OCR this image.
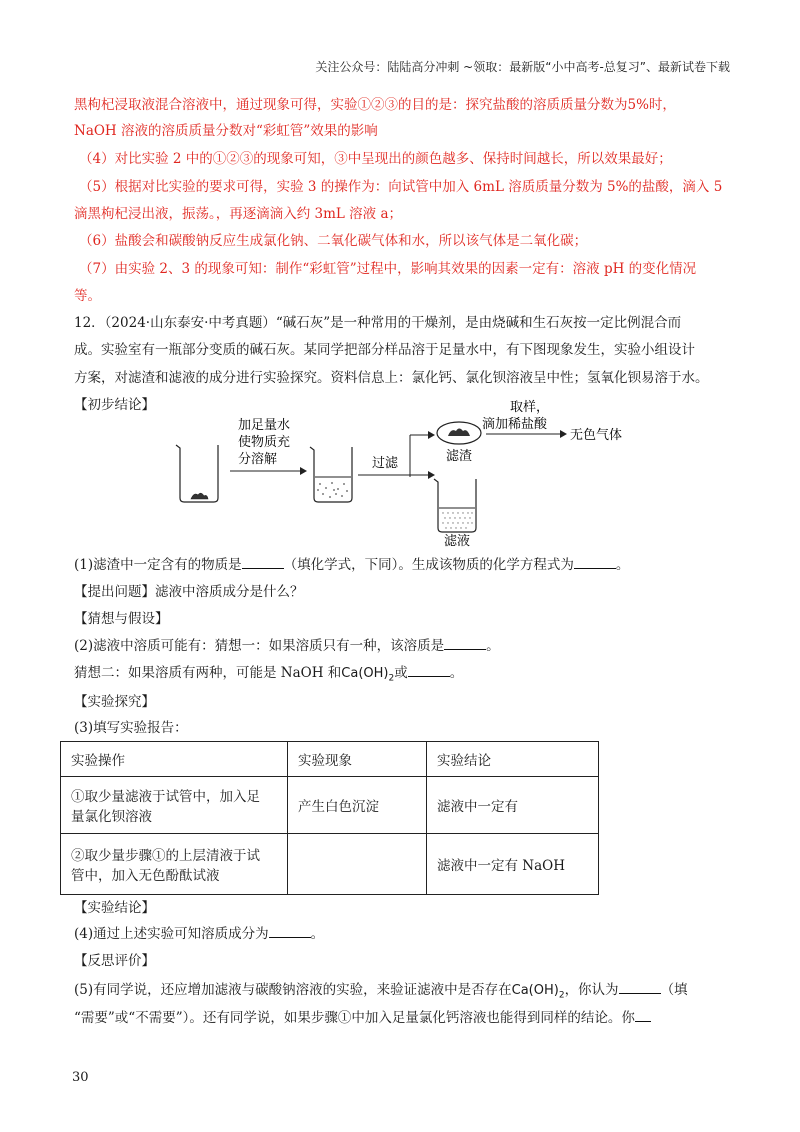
关注公众号：陆陆高分冲刺 ~领取：最新版“小中高考-总复习”、最新试卷下载
黑枸杞浸取液混合溶液中，通过现象可得，实验①②③的目的是：探究盐酸的溶质质量分数为5%时，
NaOH 溶液的溶质质量分数对“彩虹管”效果的影响
（4）对比实验 2 中的①②③的现象可知，③中呈现出的颜色越多、保持时间越长，所以效果最好；
（5）根据对比实验的要求可得，实验 3 的操作为：向试管中加入 6mL 溶质质量分数为 5%的盐酸，滴入 5
滴黑枸杞浸出液，振荡。，再逐滴滴入约 3mL 溶液 a；
（6）盐酸会和碳酸钠反应生成氯化钠、二氧化碳气体和水，所以该气体是二氧化碳；
（7）由实验 2、3 的现象可知：制作“彩虹管”过程中，影响其效果的因素一定有：溶液 pH 的变化情况
等。
12．（2024·山东泰安·中考真题）“碱石灰”是一种常用的干燥剂，是由烧碱和生石灰按一定比例混合而
成。实验室有一瓶部分变质的碱石灰。某同学把部分样品溶于足量水中，有下图现象发生，实验小组设计
方案，对滤渣和滤液的成分进行实验探究。资料信息上：氯化钙、氯化钡溶液呈中性；氢氧化钡易溶于水。
【初步结论】
加足量水
使物质充
分溶解	过滤	滤渣
滤液
取样，
滴加稀盐酸
无色气体
(1)滤渣中一定含有的物质是	（填化学式，下同）。生成该物质的化学方程式为	。
【提出问题】滤液中溶质成分是什么？
【猜想与假设】
(2)滤液中溶质可能有：猜想一：如果溶质只有一种，该溶质是	。
猜想二：如果溶质有两种，可能是 NaOH 和$Ca(OH)_2$或	。
【实验探究】
(3)填写实验报告：
实验操作	实验现象	实验结论

①取少量滤液于试管中，加入足
量氯化钡溶液	产生白色沉淀	滤液中一定有

②取少量步骤①的上层清液于试
管中，加入无色酚酞试液		滤液中一定有 NaOH
【实验结论】
(4)通过上述实验可知溶质成分为	。
【反思评价】
(5)有同学说，还应增加滤液与碳酸钠溶液的实验，来验证滤液中是否存在$Ca(OH)_2$，你认为	（填
“需要”或“不需要”）。还有同学说，如果步骤①中加入足量氯化钙溶液也能得到同样的结论。你
30
